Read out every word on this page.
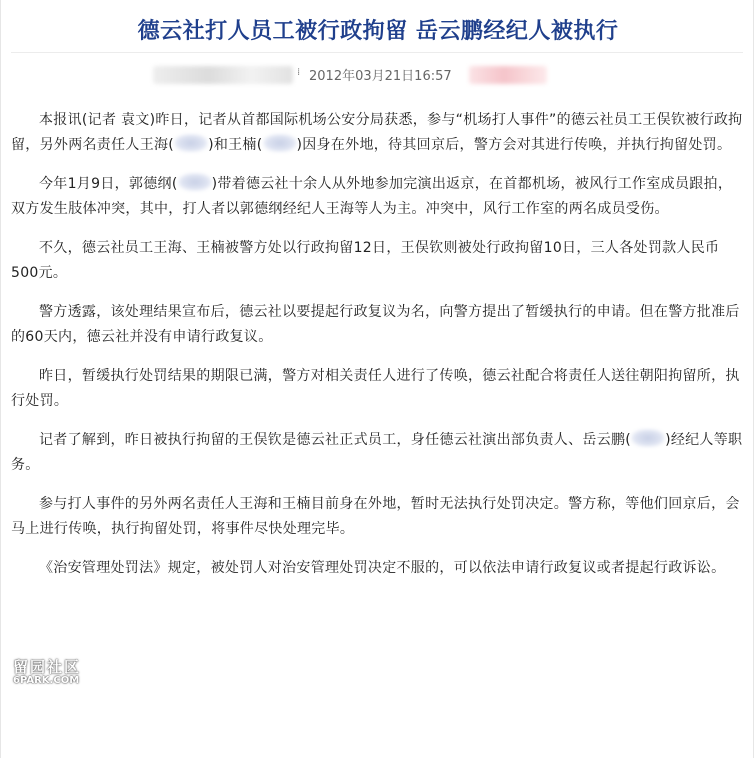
德云社打人员工被行政拘留 岳云鹏经纪人被执行
⁞ 2012年03月21日16:57

本报讯(记者 袁文)昨日，记者从首都国际机场公安分局获悉，参与“机场打人事件”的德云社员工王俣钦被行政拘留，另外两名责任人王海( )和王楠( )因身在外地，待其回京后，警方会对其进行传唤，并执行拘留处罚。

今年1月9日，郭德纲( )带着德云社十余人从外地参加完演出返京，在首都机场，被风行工作室成员跟拍，双方发生肢体冲突，其中，打人者以郭德纲经纪人王海等人为主。冲突中，风行工作室的两名成员受伤。

不久，德云社员工王海、王楠被警方处以行政拘留12日，王俣钦则被处行政拘留10日，三人各处罚款人民币500元。

警方透露，该处理结果宣布后，德云社以要提起行政复议为名，向警方提出了暂缓执行的申请。但在警方批准后的60天内，德云社并没有申请行政复议。

昨日，暂缓执行处罚结果的期限已满，警方对相关责任人进行了传唤，德云社配合将责任人送往朝阳拘留所，执行处罚。

记者了解到，昨日被执行拘留的王俣钦是德云社正式员工，身任德云社演出部负责人、岳云鹏( )经纪人等职务。

参与打人事件的另外两名责任人王海和王楠目前身在外地，暂时无法执行处罚决定。警方称，等他们回京后，会马上进行传唤，执行拘留处罚，将事件尽快处理完毕。

《治安管理处罚法》规定，被处罚人对治安管理处罚决定不服的，可以依法申请行政复议或者提起行政诉讼。

留园社区
6PARK.COM
